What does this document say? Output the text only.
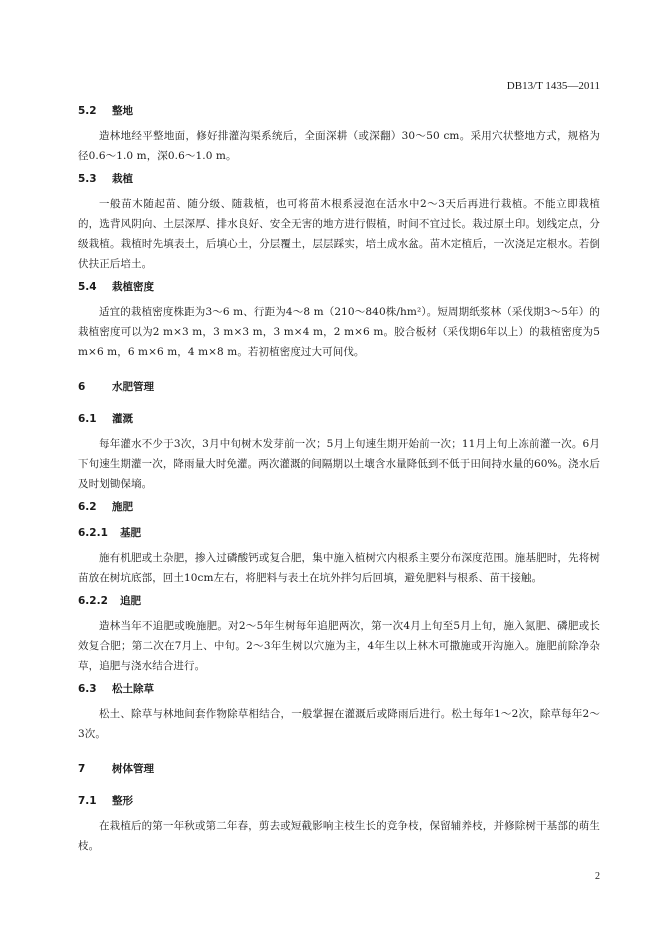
DB13/T 1435—2011
5.2 整地

造林地经平整地面，修好排灌沟渠系统后，全面深耕（或深翻）30～50 cm。采用穴状整地方式，规格为径0.6～1.0 m，深0.6～1.0 m。

5.3 栽植

一般苗木随起苗、随分级、随栽植，也可将苗木根系浸泡在活水中2～3天后再进行栽植。不能立即栽植的，选背风阴向、土层深厚、排水良好、安全无害的地方进行假植，时间不宜过长。栽过原土印。划线定点，分级栽植。栽植时先填表土，后填心土，分层覆土，层层踩实，培土成水盆。苗木定植后，一次浇足定根水。若倒伏扶正后培土。

5.4 栽植密度

适宜的栽植密度株距为3～6 m、行距为4～8 m（210～840株/hm²）。短周期纸浆林（采伐期3～5年）的栽植密度可以为2 m×3 m，3 m×3 m，3 m×4 m，2 m×6 m。胶合板材（采伐期6年以上）的栽植密度为5 m×6 m，6 m×6 m，4 m×8 m。若初植密度过大可间伐。

6	水肥管理
6.1 灌溉

每年灌水不少于3次，3月中旬树木发芽前一次；5月上旬速生期开始前一次；11月上旬上冻前灌一次。6月下旬速生期灌一次，降雨量大时免灌。两次灌溉的间隔期以土壤含水量降低到不低于田间持水量的60%。浇水后及时划锄保墒。

6.2 施肥
6.2.1 基肥

施有机肥或土杂肥，掺入过磷酸钙或复合肥，集中施入植树穴内根系主要分布深度范围。施基肥时，先将树苗放在树坑底部，回土10cm左右，将肥料与表土在坑外拌匀后回填，避免肥料与根系、苗干接触。

6.2.2 追肥

造林当年不追肥或晚施肥。对2～5年生树每年追肥两次，第一次4月上旬至5月上旬，施入氮肥、磷肥或长效复合肥；第二次在7月上、中旬。2～3年生树以穴施为主，4年生以上林木可撒施或开沟施入。施肥前除净杂草，追肥与浇水结合进行。

6.3 松土除草

松土、除草与林地间套作物除草相结合，一般掌握在灌溉后或降雨后进行。松土每年1～2次，除草每年2～3次。

7	树体管理
7.1 整形

在栽植后的第一年秋或第二年春，剪去或短截影响主枝生长的竞争枝，保留辅养枝，并修除树干基部的萌生枝。

2
